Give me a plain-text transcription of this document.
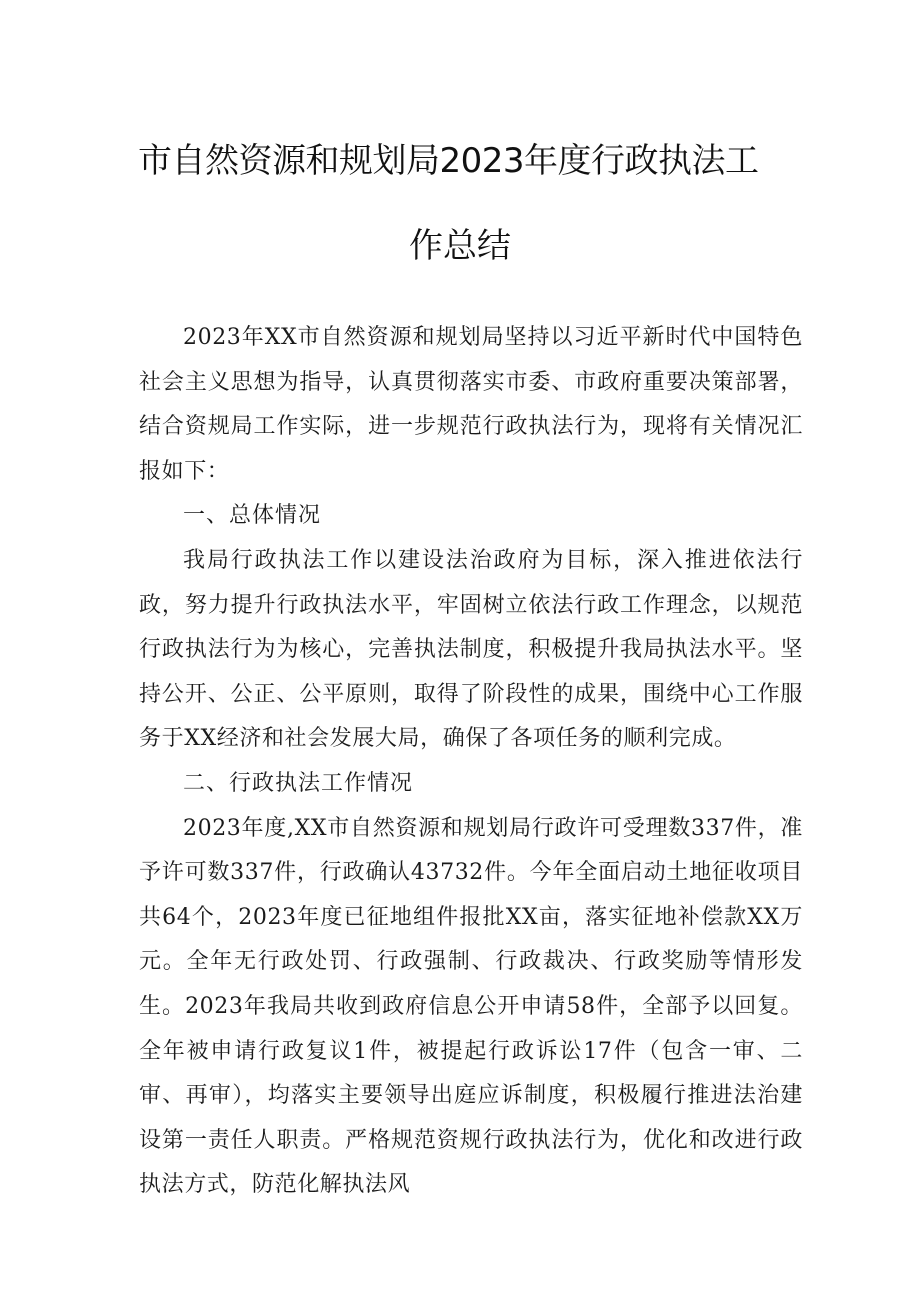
市自然资源和规划局2023年度行政执法工
作总结

2023年XX市自然资源和规划局坚持以习近平新时代中国特色社会主义思想为指导，认真贯彻落实市委、市政府重要决策部署，结合资规局工作实际，进一步规范行政执法行为，现将有关情况汇报如下：

一、总体情况

我局行政执法工作以建设法治政府为目标，深入推进依法行政，努力提升行政执法水平，牢固树立依法行政工作理念，以规范行政执法行为为核心，完善执法制度，积极提升我局执法水平。坚持公开、公正、公平原则，取得了阶段性的成果，围绕中心工作服务于XX经济和社会发展大局，确保了各项任务的顺利完成。

二、行政执法工作情况

2023年度,XX市自然资源和规划局行政许可受理数337件，准予许可数337件，行政确认43732件。今年全面启动土地征收项目共64个，2023年度已征地组件报批XX亩，落实征地补偿款XX万元。全年无行政处罚、行政强制、行政裁决、行政奖励等情形发生。2023年我局共收到政府信息公开申请58件，全部予以回复。全年被申请行政复议1件，被提起行政诉讼17件（包含一审、二审、再审），均落实主要领导出庭应诉制度，积极履行推进法治建设第一责任人职责。严格规范资规行政执法行为，优化和改进行政执法方式，防范化解执法风
